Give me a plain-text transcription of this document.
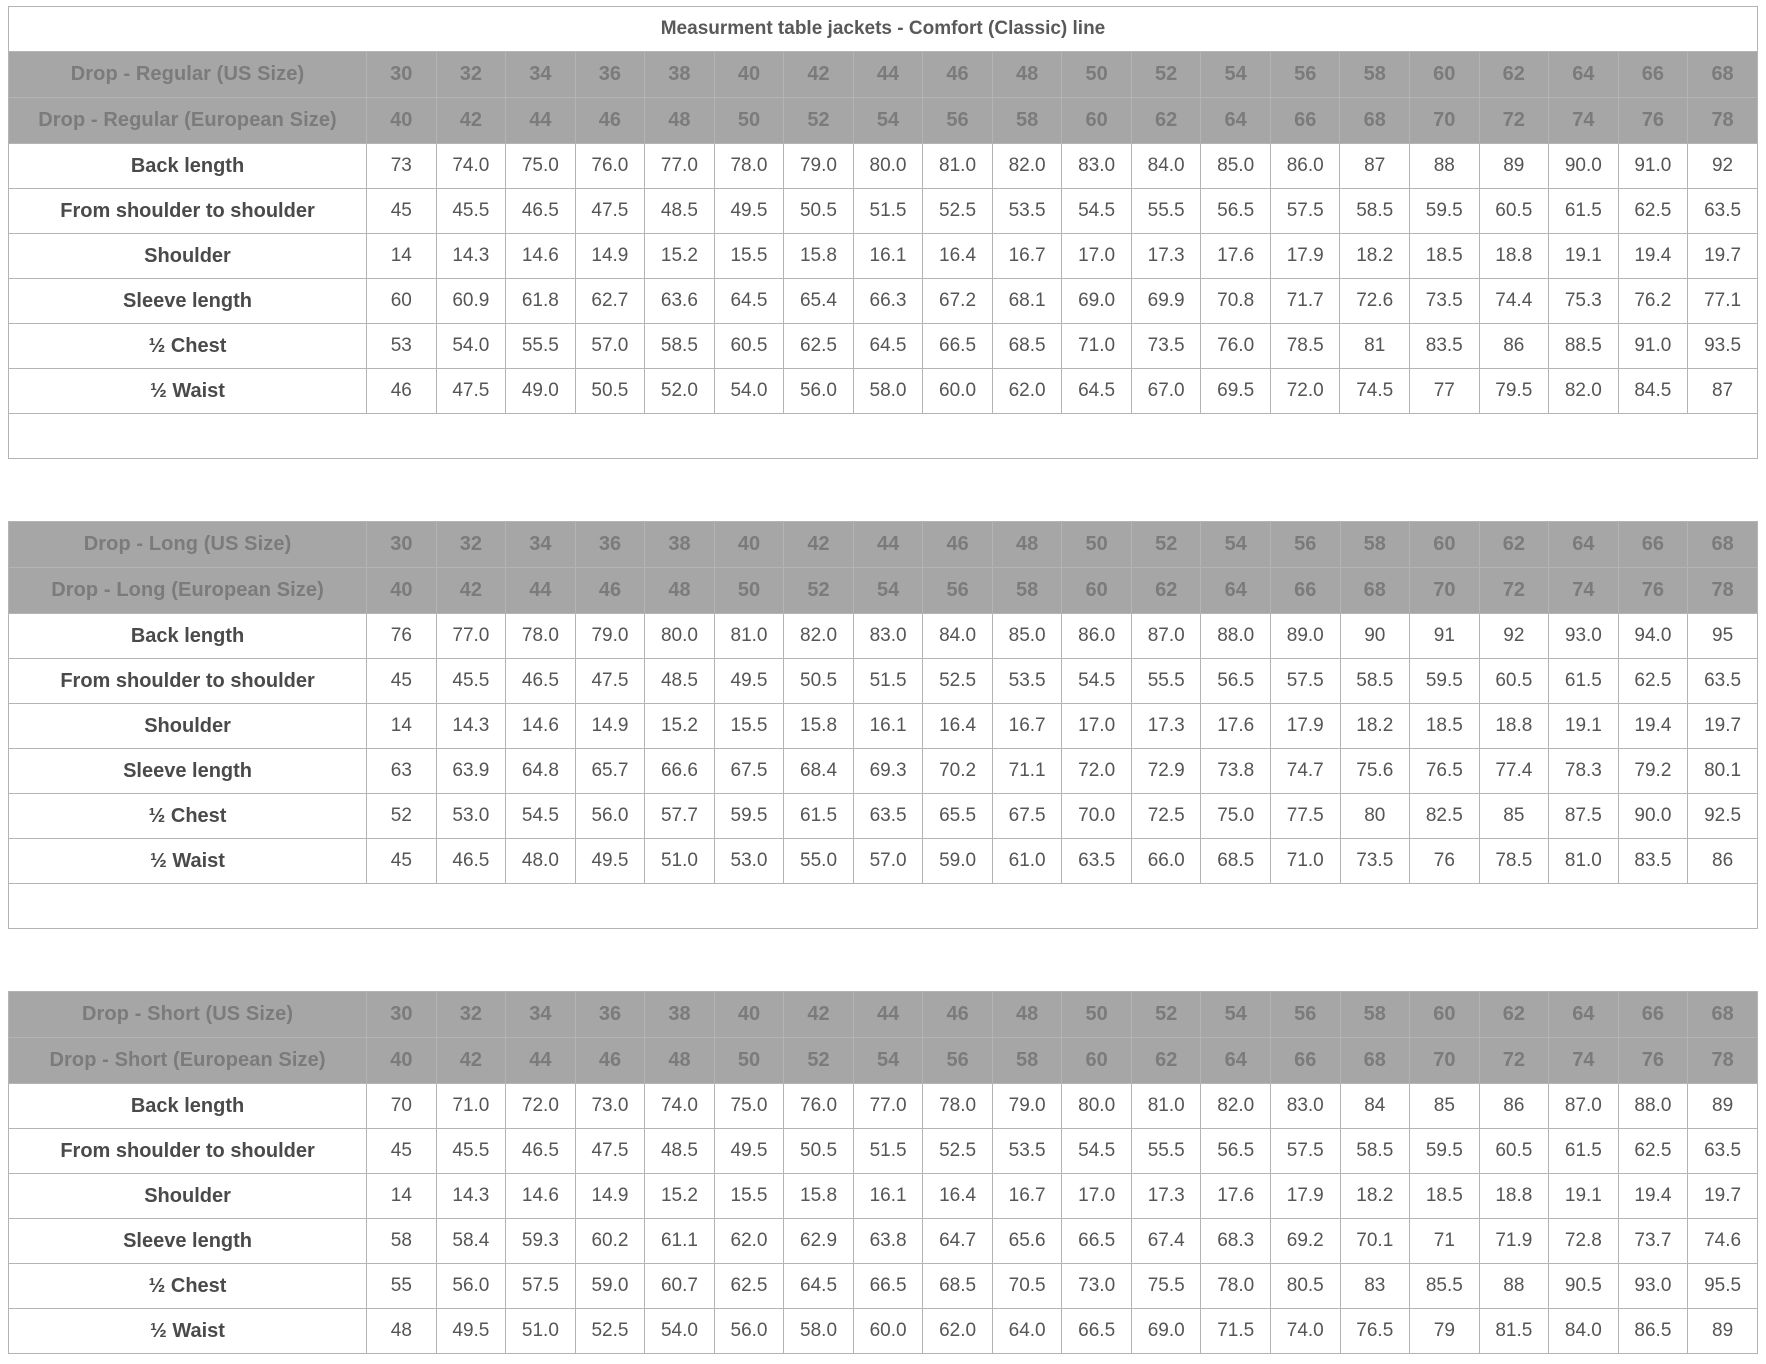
Measurment table jackets - Comfort (Classic) line																				
Drop - Regular (US Size)	30	32	34	36	38	40	42	44	46	48	50	52	54	56	58	60	62	64	66	68
Drop - Regular (European Size)	40	42	44	46	48	50	52	54	56	58	60	62	64	66	68	70	72	74	76	78
Back length	73	74.0	75.0	76.0	77.0	78.0	79.0	80.0	81.0	82.0	83.0	84.0	85.0	86.0	87	88	89	90.0	91.0	92
From shoulder to shoulder	45	45.5	46.5	47.5	48.5	49.5	50.5	51.5	52.5	53.5	54.5	55.5	56.5	57.5	58.5	59.5	60.5	61.5	62.5	63.5
Shoulder	14	14.3	14.6	14.9	15.2	15.5	15.8	16.1	16.4	16.7	17.0	17.3	17.6	17.9	18.2	18.5	18.8	19.1	19.4	19.7
Sleeve length	60	60.9	61.8	62.7	63.6	64.5	65.4	66.3	67.2	68.1	69.0	69.9	70.8	71.7	72.6	73.5	74.4	75.3	76.2	77.1
½ Chest	53	54.0	55.5	57.0	58.5	60.5	62.5	64.5	66.5	68.5	71.0	73.5	76.0	78.5	81	83.5	86	88.5	91.0	93.5
½ Waist	46	47.5	49.0	50.5	52.0	54.0	56.0	58.0	60.0	62.0	64.5	67.0	69.5	72.0	74.5	77	79.5	82.0	84.5	87

Drop - Long (US Size)	30	32	34	36	38	40	42	44	46	48	50	52	54	56	58	60	62	64	66	68
Drop - Long (European Size)	40	42	44	46	48	50	52	54	56	58	60	62	64	66	68	70	72	74	76	78
Back length	76	77.0	78.0	79.0	80.0	81.0	82.0	83.0	84.0	85.0	86.0	87.0	88.0	89.0	90	91	92	93.0	94.0	95
From shoulder to shoulder	45	45.5	46.5	47.5	48.5	49.5	50.5	51.5	52.5	53.5	54.5	55.5	56.5	57.5	58.5	59.5	60.5	61.5	62.5	63.5
Shoulder	14	14.3	14.6	14.9	15.2	15.5	15.8	16.1	16.4	16.7	17.0	17.3	17.6	17.9	18.2	18.5	18.8	19.1	19.4	19.7
Sleeve length	63	63.9	64.8	65.7	66.6	67.5	68.4	69.3	70.2	71.1	72.0	72.9	73.8	74.7	75.6	76.5	77.4	78.3	79.2	80.1
½ Chest	52	53.0	54.5	56.0	57.7	59.5	61.5	63.5	65.5	67.5	70.0	72.5	75.0	77.5	80	82.5	85	87.5	90.0	92.5
½ Waist	45	46.5	48.0	49.5	51.0	53.0	55.0	57.0	59.0	61.0	63.5	66.0	68.5	71.0	73.5	76	78.5	81.0	83.5	86

Drop - Short (US Size)	30	32	34	36	38	40	42	44	46	48	50	52	54	56	58	60	62	64	66	68
Drop - Short (European Size)	40	42	44	46	48	50	52	54	56	58	60	62	64	66	68	70	72	74	76	78
Back length	70	71.0	72.0	73.0	74.0	75.0	76.0	77.0	78.0	79.0	80.0	81.0	82.0	83.0	84	85	86	87.0	88.0	89
From shoulder to shoulder	45	45.5	46.5	47.5	48.5	49.5	50.5	51.5	52.5	53.5	54.5	55.5	56.5	57.5	58.5	59.5	60.5	61.5	62.5	63.5
Shoulder	14	14.3	14.6	14.9	15.2	15.5	15.8	16.1	16.4	16.7	17.0	17.3	17.6	17.9	18.2	18.5	18.8	19.1	19.4	19.7
Sleeve length	58	58.4	59.3	60.2	61.1	62.0	62.9	63.8	64.7	65.6	66.5	67.4	68.3	69.2	70.1	71	71.9	72.8	73.7	74.6
½ Chest	55	56.0	57.5	59.0	60.7	62.5	64.5	66.5	68.5	70.5	73.0	75.5	78.0	80.5	83	85.5	88	90.5	93.0	95.5
½ Waist	48	49.5	51.0	52.5	54.0	56.0	58.0	60.0	62.0	64.0	66.5	69.0	71.5	74.0	76.5	79	81.5	84.0	86.5	89
